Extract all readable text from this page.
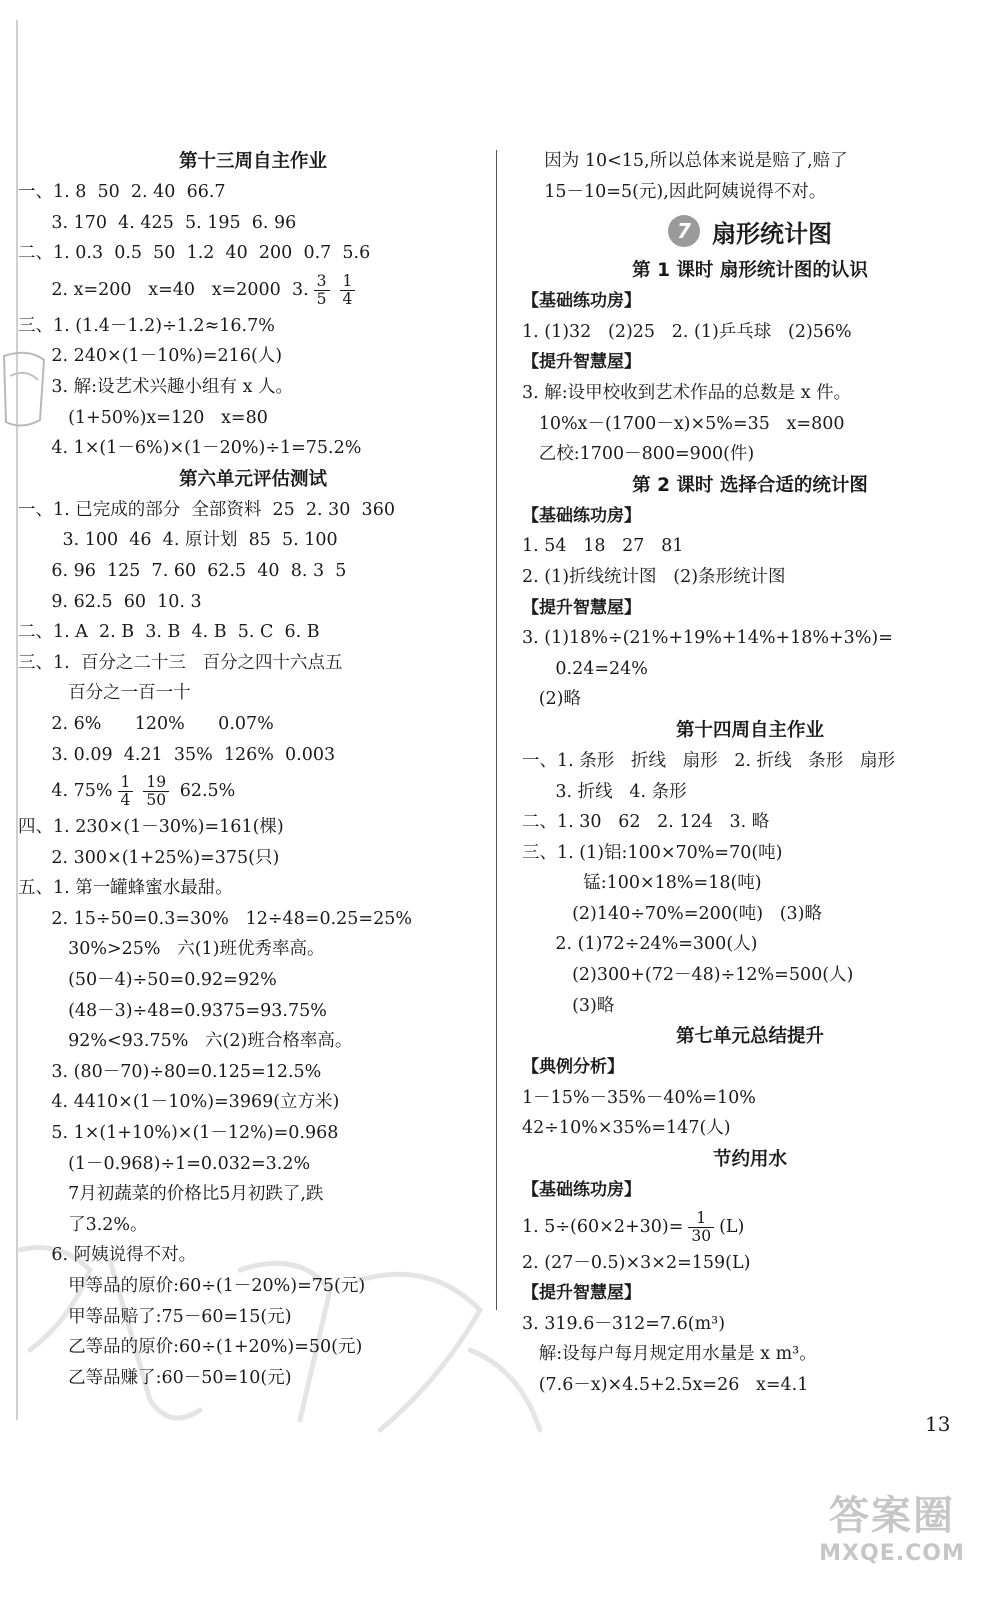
第十三周自主作业
一、1. 8  50  2. 40  66.7
3. 170  4. 425  5. 195  6. 96
二、1. 0.3  0.5  50  1.2  40  200  0.7  5.6
2. x=200   x=40   x=2000  3. $\frac{3}{5} \frac{1}{4}$
三、1. (1.4－1.2)÷1.2≈16.7%
2. 240×(1－10%)=216(人)
3. 解:设艺术兴趣小组有 x 人。
(1+50%)x=120   x=80
4. 1×(1－6%)×(1－20%)÷1=75.2%
第六单元评估测试
一、1. 已完成的部分  全部资料  25  2. 30  360
3. 100  46  4. 原计划  85  5. 100
6. 96  125  7. 60  62.5  40  8. 3  5
9. 62.5  60  10. 3
二、1. A  2. B  3. B  4. B  5. C  6. B
三、1.  百分之二十三   百分之四十六点五
百分之一百一十
2. 6%      120%      0.07%
3. 0.09  4.21  35%  126%  0.003
4. $75\% \frac{1}{4} \frac{19}{50} 62.5\%$
四、1. 230×(1－30%)=161(棵)
2. 300×(1+25%)=375(只)
五、1. 第一罐蜂蜜水最甜。
2. 15÷50=0.3=30%   12÷48=0.25=25%
30%>25%   六(1)班优秀率高。
(50－4)÷50=0.92=92%
(48－3)÷48=0.9375=93.75%
92%<93.75%   六(2)班合格率高。
3. (80－70)÷80=0.125=12.5%
4. 4410×(1－10%)=3969(立方米)
5. 1×(1+10%)×(1－12%)=0.968
(1－0.968)÷1=0.032=3.2%
7月初蔬菜的价格比5月初跌了,跌
了3.2%。
6. 阿姨说得不对。
甲等品的原价:60÷(1－20%)=75(元)
甲等品赔了:75－60=15(元)
乙等品的原价:60÷(1+20%)=50(元)
乙等品赚了:60－50=10(元)
因为 10<15,所以总体来说是赔了,赔了
15－10=5(元),因此阿姨说得不对。
7 扇形统计图
第 1 课时 扇形统计图的认识
【基础练功房】
1. (1)32   (2)25   2. (1)乒乓球   (2)56%
【提升智慧屋】
3. 解:设甲校收到艺术作品的总数是 x 件。
10%x－(1700－x)×5%=35   x=800
乙校:1700－800=900(件)
第 2 课时 选择合适的统计图
【基础练功房】
1. 54   18   27   81
2. (1)折线统计图   (2)条形统计图
【提升智慧屋】
3. (1)18%÷(21%+19%+14%+18%+3%)=
0.24=24%
(2)略
第十四周自主作业
一、1. 条形   折线   扇形   2. 折线   条形   扇形
3. 折线   4. 条形
二、1. 30   62   2. 124   3. 略
三、1. (1)铝:100×70%=70(吨)
锰:100×18%=18(吨)
(2)140÷70%=200(吨)   (3)略
2. (1)72÷24%=300(人)
(2)300+(72－48)÷12%=500(人)
(3)略
第七单元总结提升
【典例分析】
1－15%－35%－40%=10%
42÷10%×35%=147(人)
节约用水
【基础练功房】
1. $5\div(60\times 2+30)= \frac{1}{30} (L)$
2. (27－0.5)×3×2=159(L)
【提升智慧屋】
3. 319.6－312=7.6(m³)
解:设每户每月规定用水量是 x m³。
(7.6－x)×4.5+2.5x=26   x=4.1
13
答案圈
MXQE.COM
